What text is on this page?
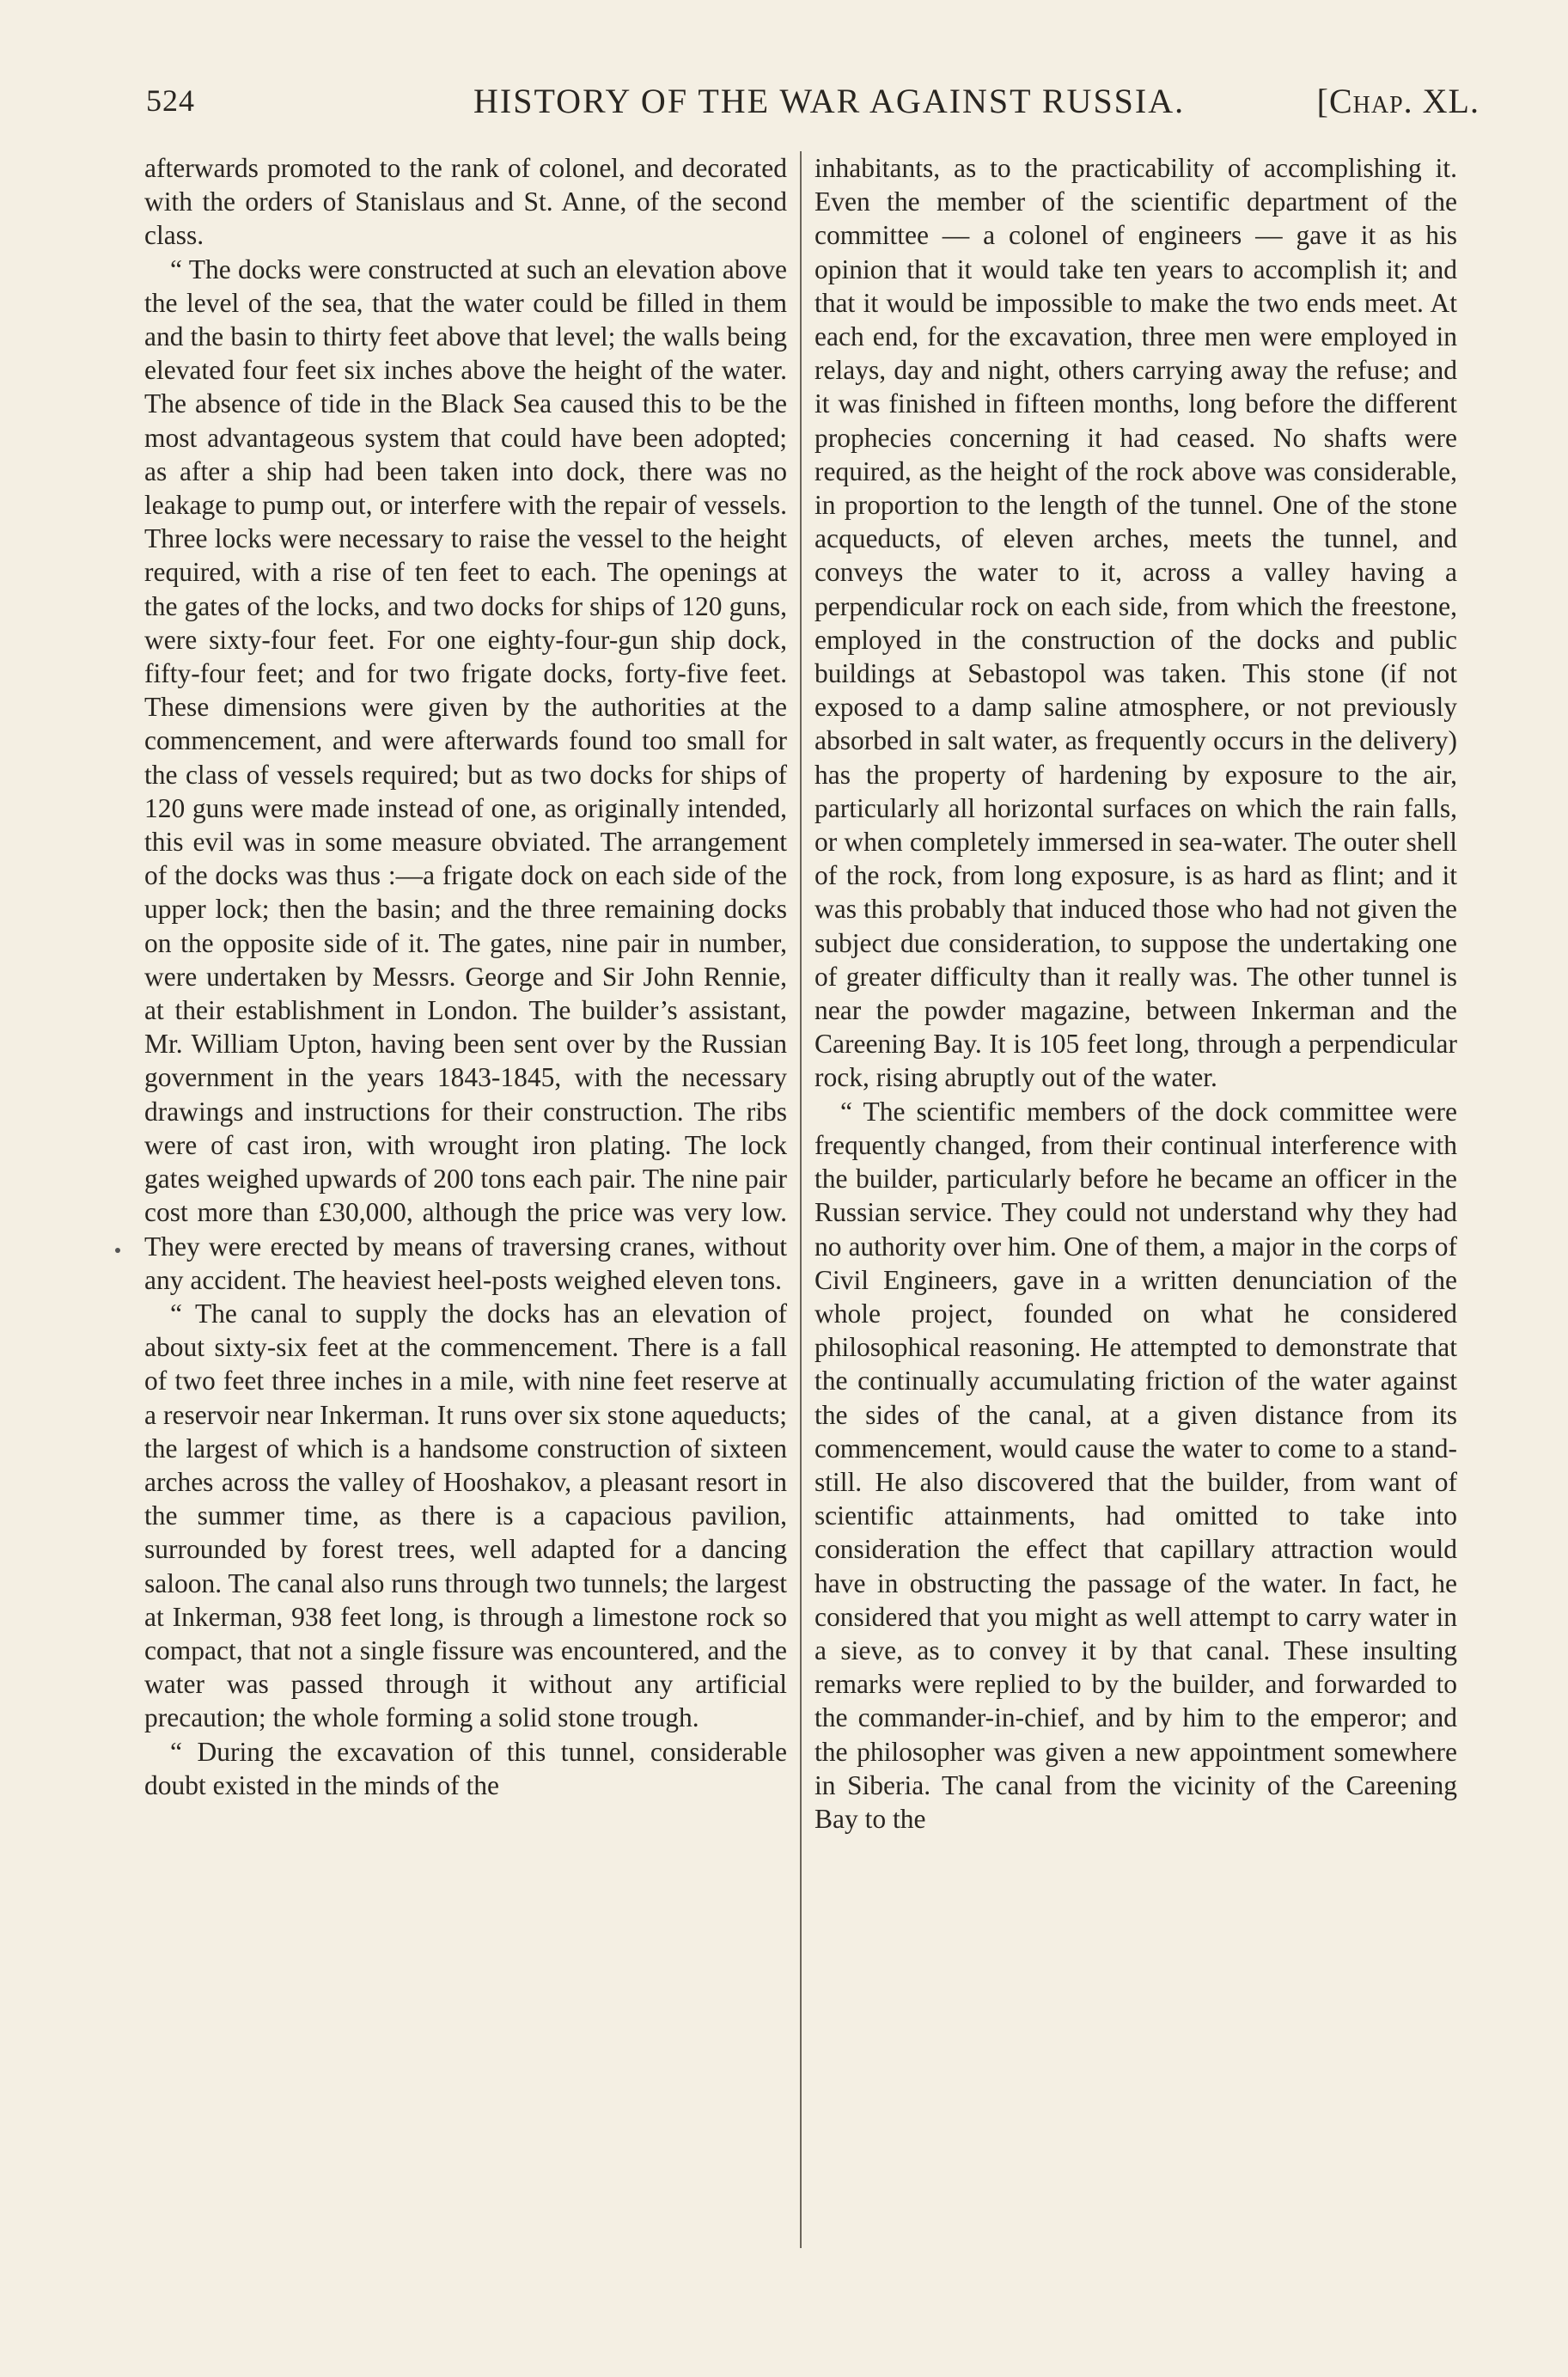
524	HISTORY OF THE WAR AGAINST RUSSIA.	[Chap. XL.

afterwards promoted to the rank of colonel, and decorated with the orders of Stanislaus and St. Anne, of the second class.

“ The docks were constructed at such an elevation above the level of the sea, that the water could be filled in them and the basin to thirty feet above that level; the walls being elevated four feet six inches above the height of the water. The absence of tide in the Black Sea caused this to be the most advantageous system that could have been adopted; as after a ship had been taken into dock, there was no leakage to pump out, or interfere with the repair of vessels. Three locks were necessary to raise the vessel to the height required, with a rise of ten feet to each. The openings at the gates of the locks, and two docks for ships of 120 guns, were sixty-four feet. For one eighty-four-gun ship dock, fifty-four feet; and for two frigate docks, forty-five feet. These dimensions were given by the authorities at the commencement, and were afterwards found too small for the class of vessels required; but as two docks for ships of 120 guns were made instead of one, as originally intended, this evil was in some measure obviated. The arrangement of the docks was thus :—a frigate dock on each side of the upper lock; then the basin; and the three remaining docks on the opposite side of it. The gates, nine pair in number, were undertaken by Messrs. George and Sir John Rennie, at their establishment in London. The builder’s assistant, Mr. William Upton, having been sent over by the Russian government in the years 1843-1845, with the necessary drawings and instructions for their construction. The ribs were of cast iron, with wrought iron plating. The lock gates weighed upwards of 200 tons each pair. The nine pair cost more than £30,000, although the price was very low. They were erected by means of traversing cranes, without any accident. The heaviest heel-posts weighed eleven tons.

“ The canal to supply the docks has an elevation of about sixty-six feet at the commencement. There is a fall of two feet three inches in a mile, with nine feet reserve at a reservoir near Inkerman. It runs over six stone aqueducts; the largest of which is a handsome construction of sixteen arches across the valley of Hooshakov, a pleasant resort in the summer time, as there is a capacious pavilion, surrounded by forest trees, well adapted for a dancing saloon. The canal also runs through two tunnels; the largest at Inkerman, 938 feet long, is through a limestone rock so compact, that not a single fissure was encountered, and the water was passed through it without any artificial precaution; the whole forming a solid stone trough.

“ During the excavation of this tunnel, considerable doubt existed in the minds of the

inhabitants, as to the practicability of accomplishing it. Even the member of the scientific department of the committee — a colonel of engineers — gave it as his opinion that it would take ten years to accomplish it; and that it would be impossible to make the two ends meet. At each end, for the excavation, three men were employed in relays, day and night, others carrying away the refuse; and it was finished in fifteen months, long before the different prophecies concerning it had ceased. No shafts were required, as the height of the rock above was considerable, in proportion to the length of the tunnel. One of the stone acqueducts, of eleven arches, meets the tunnel, and conveys the water to it, across a valley having a perpendicular rock on each side, from which the freestone, employed in the construction of the docks and public buildings at Sebastopol was taken. This stone (if not exposed to a damp saline atmosphere, or not previously absorbed in salt water, as frequently occurs in the delivery) has the property of hardening by exposure to the air, particularly all horizontal surfaces on which the rain falls, or when completely immersed in sea-water. The outer shell of the rock, from long exposure, is as hard as flint; and it was this probably that induced those who had not given the subject due consideration, to suppose the undertaking one of greater difficulty than it really was. The other tunnel is near the powder magazine, between Inkerman and the Careening Bay. It is 105 feet long, through a perpendicular rock, rising abruptly out of the water.

“ The scientific members of the dock committee were frequently changed, from their continual interference with the builder, particularly before he became an officer in the Russian service. They could not understand why they had no authority over him. One of them, a major in the corps of Civil Engineers, gave in a written denunciation of the whole project, founded on what he considered philosophical reasoning. He attempted to demonstrate that the continually accumulating friction of the water against the sides of the canal, at a given distance from its commencement, would cause the water to come to a stand-still. He also discovered that the builder, from want of scientific attainments, had omitted to take into consideration the effect that capillary attraction would have in obstructing the passage of the water. In fact, he considered that you might as well attempt to carry water in a sieve, as to convey it by that canal. These insulting remarks were replied to by the builder, and forwarded to the commander-in-chief, and by him to the emperor; and the philosopher was given a new appointment somewhere in Siberia. The canal from the vicinity of the Careening Bay to the
